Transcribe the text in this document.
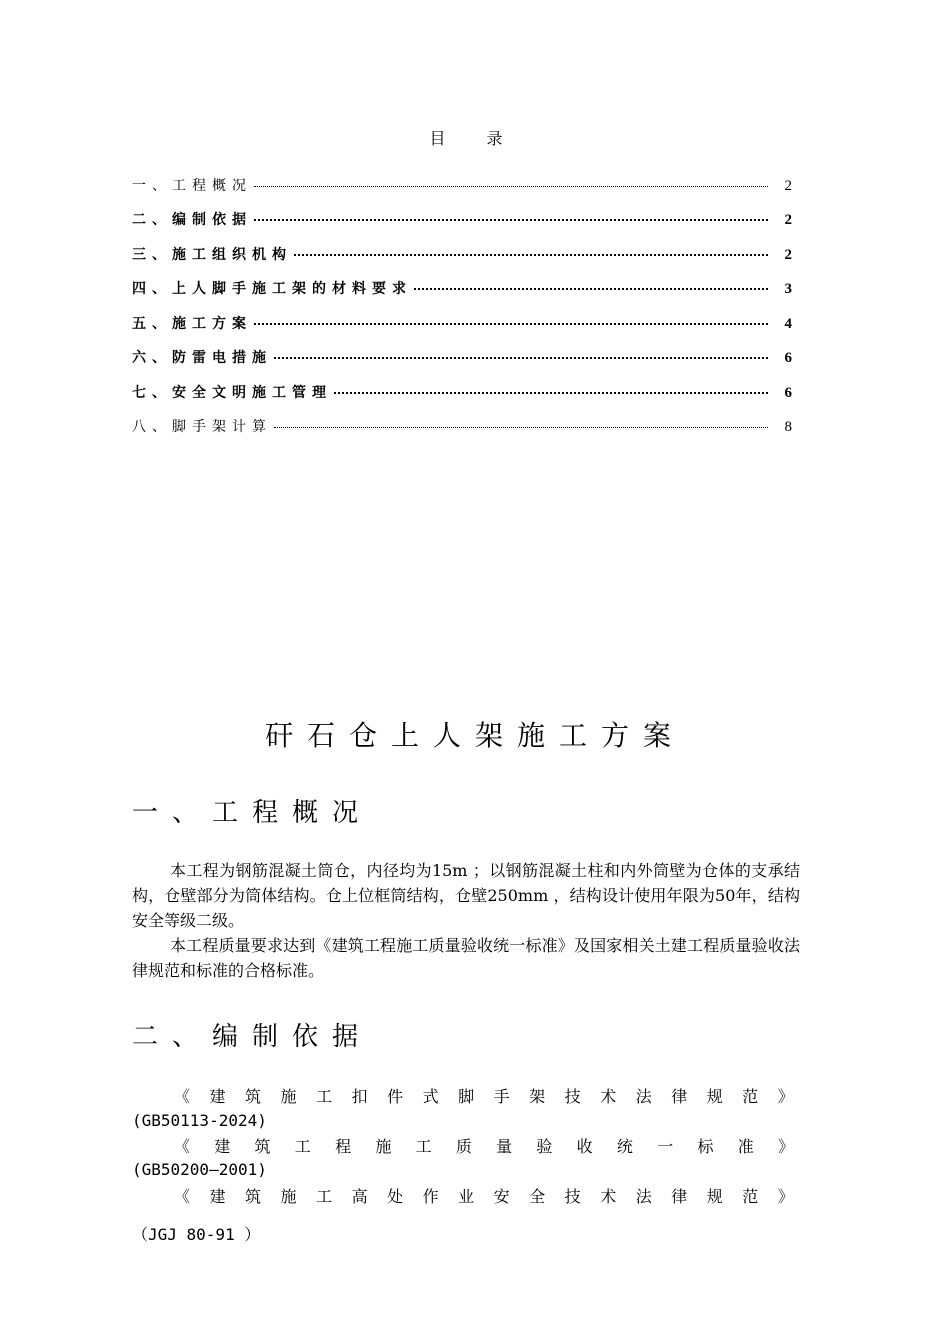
目 录
一、工程概况	2
二、编制依据	2
三、施工组织机构	2
四、上人脚手施工架的材料要求	3
五、施工方案	4
六、防雷电措施	6
七、安全文明施工管理	6
八、脚手架计算	8
矸石仓上人架施工方案
一、工程概况
本工程为钢筋混凝土筒仓，内径均为15m ；以钢筋混凝土柱和内外筒壁为仓体的支承结构，仓壁部分为筒体结构。仓上位框筒结构，仓壁250mm ，结构设计使用年限为50年，结构安全等级二级。
本工程质量要求达到《建筑工程施工质量验收统一标准》及国家相关土建工程质量验收法律规范和标准的合格标准。
二、编制依据
《 建 筑 施 工 扣 件 式 脚 手 架 技 术 法 律 规 范 》
(GB50113-2024)
《 建 筑 工 程 施 工 质 量 验 收 统 一 标 准 》
(GB50200—2001)
《 建 筑 施 工 高 处 作 业 安 全 技 术 法 律 规 范 》
（JGJ 80-91 ）
